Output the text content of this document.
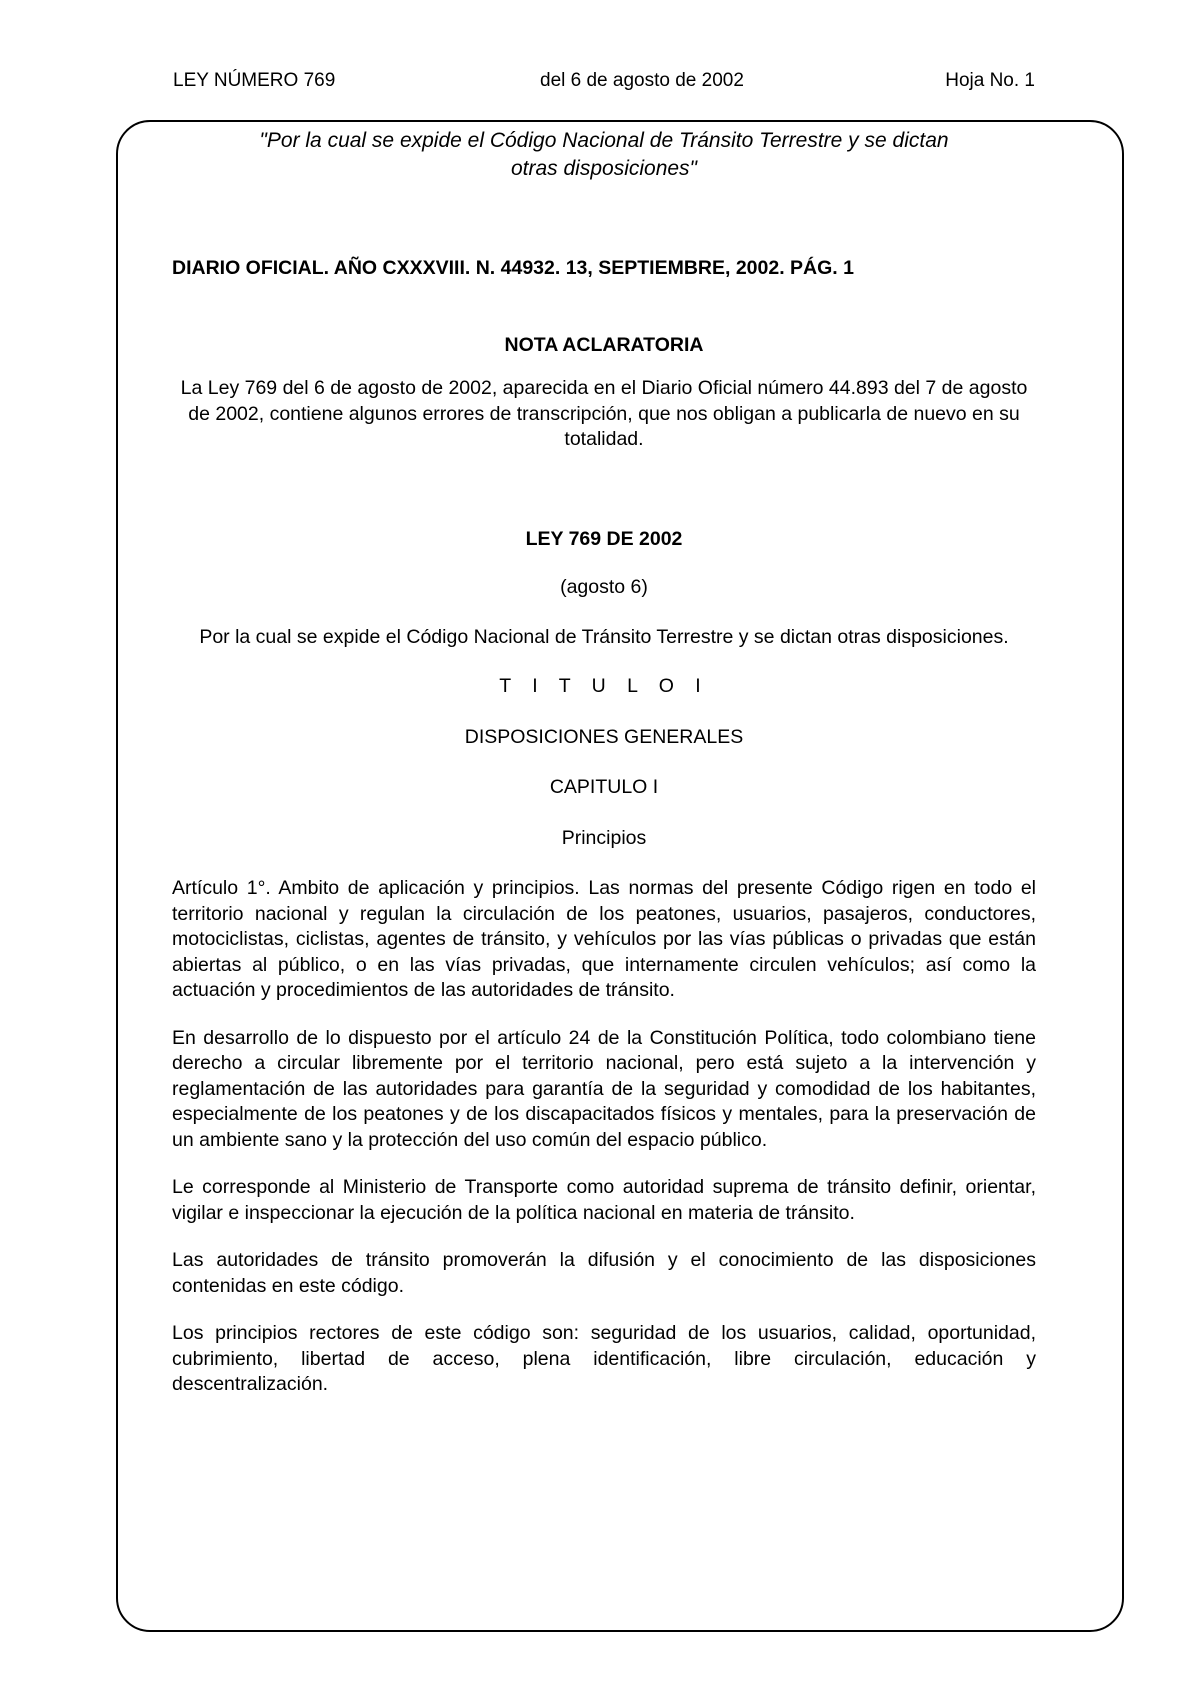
LEY NÚMERO 769	del 6 de agosto de 2002	Hoja No. 1

"Por la cual se expide el Código Nacional de Tránsito Terrestre y se dictan

otras disposiciones"

DIARIO OFICIAL. AÑO CXXXVIII. N. 44932. 13, SEPTIEMBRE, 2002. PÁG. 1

NOTA ACLARATORIA

La Ley 769 del 6 de agosto de 2002, aparecida en el Diario Oficial número 44.893 del 7 de agosto de 2002, contiene algunos errores de transcripción, que nos obligan a publicarla de nuevo en su totalidad.

LEY 769 DE 2002

(agosto 6)

Por la cual se expide el Código Nacional de Tránsito Terrestre y se dictan otras disposiciones.

T I T U L O I

DISPOSICIONES GENERALES

CAPITULO I

Principios

Artículo 1°. Ambito de aplicación y principios. Las normas del presente Código rigen en todo el territorio nacional y regulan la circulación de los peatones, usuarios, pasajeros, conductores, motociclistas, ciclistas, agentes de tránsito, y vehículos por las vías públicas o privadas que están abiertas al público, o en las vías privadas, que internamente circulen vehículos; así como la actuación y procedimientos de las autoridades de tránsito.

En desarrollo de lo dispuesto por el artículo 24 de la Constitución Política, todo colombiano tiene derecho a circular libremente por el territorio nacional, pero está sujeto a la intervención y reglamentación de las autoridades para garantía de la seguridad y comodidad de los habitantes, especialmente de los peatones y de los discapacitados físicos y mentales, para la preservación de un ambiente sano y la protección del uso común del espacio público.

Le corresponde al Ministerio de Transporte como autoridad suprema de tránsito definir, orientar, vigilar e inspeccionar la ejecución de la política nacional en materia de tránsito.

Las autoridades de tránsito promoverán la difusión y el conocimiento de las disposiciones contenidas en este código.

Los principios rectores de este código son: seguridad de los usuarios, calidad, oportunidad, cubrimiento, libertad de acceso, plena identificación, libre circulación, educación y descentralización.
